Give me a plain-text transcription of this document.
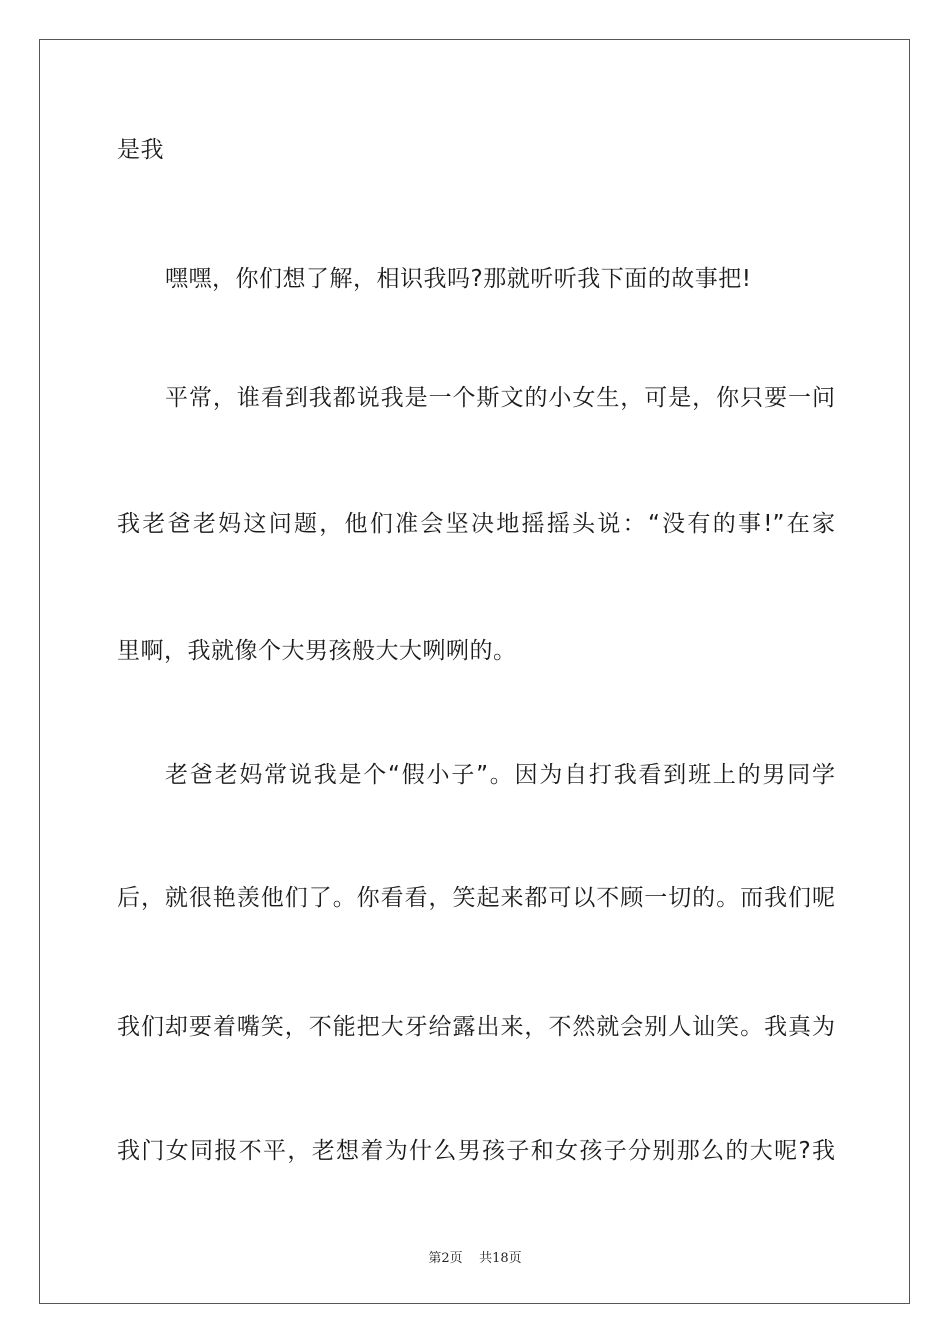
是我
嘿嘿，你们想了解，相识我吗?那就听听我下面的故事把!
平常，谁看到我都说我是一个斯文的小女生，可是，你只要一问
我老爸老妈这问题，他们准会坚决地摇摇头说：“没有的事!”在家
里啊，我就像个大男孩般大大咧咧的。
老爸老妈常说我是个“假小子”。因为自打我看到班上的男同学
后，就很艳羡他们了。你看看，笑起来都可以不顾一切的。而我们呢
我们却要着嘴笑，不能把大牙给露出来，不然就会别人讪笑。我真为
我门女同报不平，老想着为什么男孩子和女孩子分别那么的大呢?我
第2页    共18页
